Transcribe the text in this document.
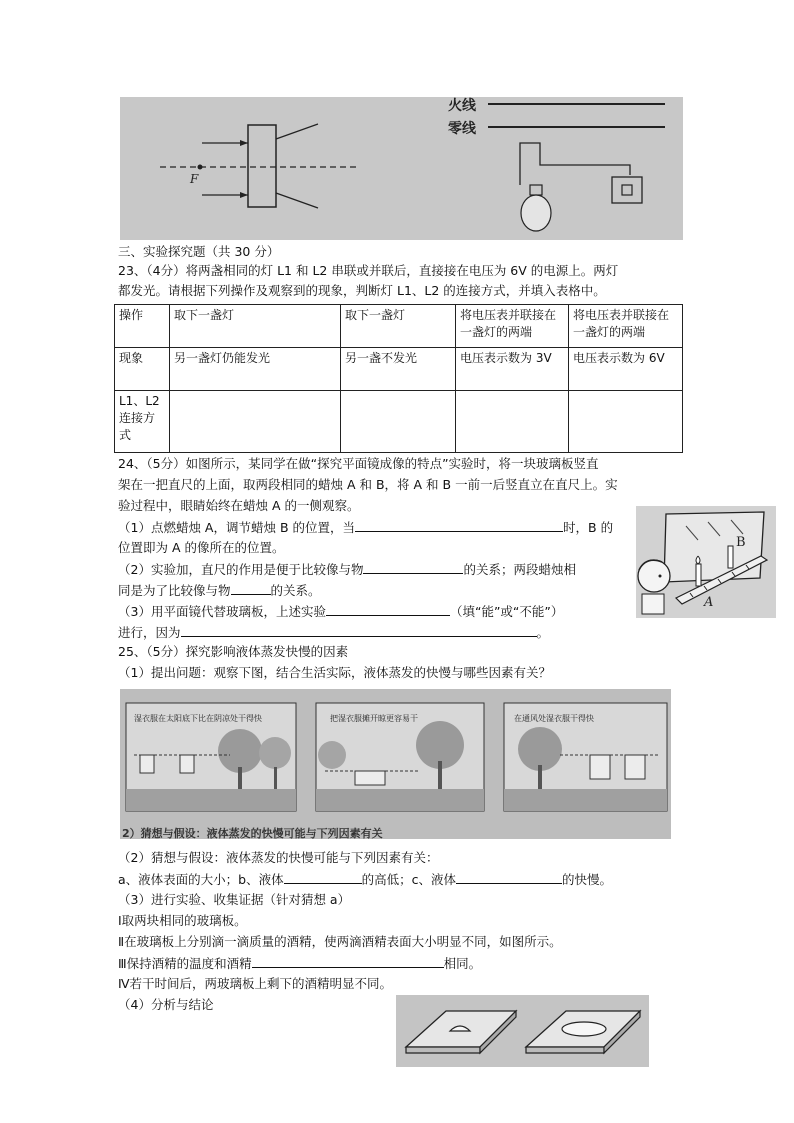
F
火线
零线
三、实验探究题（共 30 分）
23、（4分）将两盏相同的灯 L1 和 L2 串联或并联后，直接接在电压为 6V 的电源上。两灯
都发光。请根据下列操作及观察到的现象，判断灯 L1、L2 的连接方式，并填入表格中。
操作	取下一盏灯	取下一盏灯	将电压表并联接在一盏灯的两端	将电压表并联接在一盏灯的两端
现象	另一盏灯仍能发光	另一盏不发光	电压表示数为 3V	电压表示数为 6V
L1、L2连接方式				
24、（5分）如图所示，某同学在做“探究平面镜成像的特点”实验时，将一块玻璃板竖直
架在一把直尺的上面，取两段相同的蜡烛 A 和 B，将 A 和 B 一前一后竖直立在直尺上。实
验过程中，眼睛始终在蜡烛 A 的一侧观察。
（1）点燃蜡烛 A，调节蜡烛 B 的位置，当	时，B 的
位置即为 A 的像所在的位置。
（2）实验加，直尺的作用是便于比较像与物	的关系；两段蜡烛相
同是为了比较像与物	的关系。
（3）用平面镜代替玻璃板，上述实验	（填“能”或“不能”）
进行，因为	。
B
A
25、（5分）探究影响液体蒸发快慢的因素
（1）提出问题：观察下图，结合生活实际，液体蒸发的快慢与哪些因素有关？
湿衣服在太阳底下比在阴凉处干得快	把湿衣服摊开晾更容易干	在通风处湿衣服干得快
2）猜想与假设：液体蒸发的快慢可能与下列因素有关
（2）猜想与假设：液体蒸发的快慢可能与下列因素有关：
a、液体表面的大小；b、液体	的高低；c、液体	的快慢。
（3）进行实验、收集证据（针对猜想 a）
Ⅰ取两块相同的玻璃板。
Ⅱ在玻璃板上分别滴一滴质量的酒精，使两滴酒精表面大小明显不同，如图所示。
Ⅲ保持酒精的温度和酒精	相同。
Ⅳ若干时间后，两玻璃板上剩下的酒精明显不同。
（4）分析与结论
